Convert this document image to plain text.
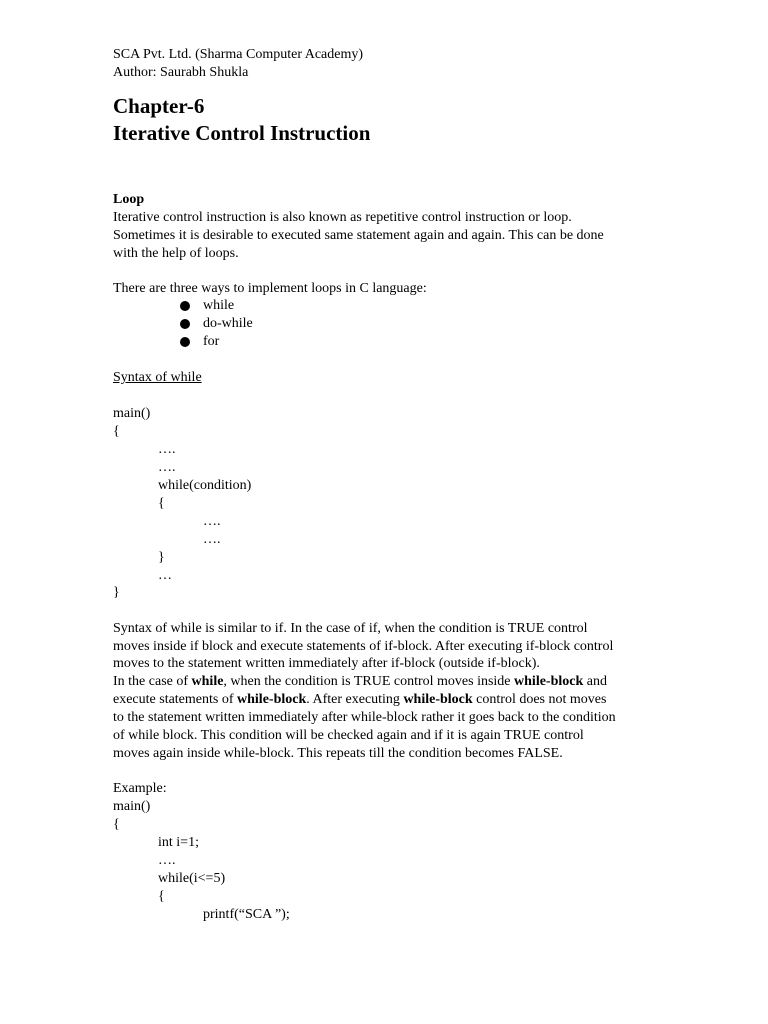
SCA Pvt. Ltd. (Sharma Computer Academy)
Author: Saurabh Shukla
Chapter-6
Iterative Control Instruction
Loop
Iterative control instruction is also known as repetitive control instruction or loop.
Sometimes it is desirable to executed same statement again and again. This can be done
with the help of loops.
There are three ways to implement loops in C language:
while
do-while
for
Syntax of while
main()
{
….
….
while(condition)
{
….
….
}
…
}
Syntax of while is similar to if. In the case of if, when the condition is TRUE control
moves inside if block and execute statements of if-block. After executing if-block control
moves to the statement written immediately after if-block (outside if-block).
In the case of while, when the condition is TRUE control moves inside while-block and
execute statements of while-block. After executing while-block control does not moves
to the statement written immediately after while-block rather it goes back to the condition
of while block. This condition will be checked again and if it is again TRUE control
moves again inside while-block. This repeats till the condition becomes FALSE.
Example:
main()
{
int i=1;
….
while(i<=5)
{
printf(“SCA ”);
